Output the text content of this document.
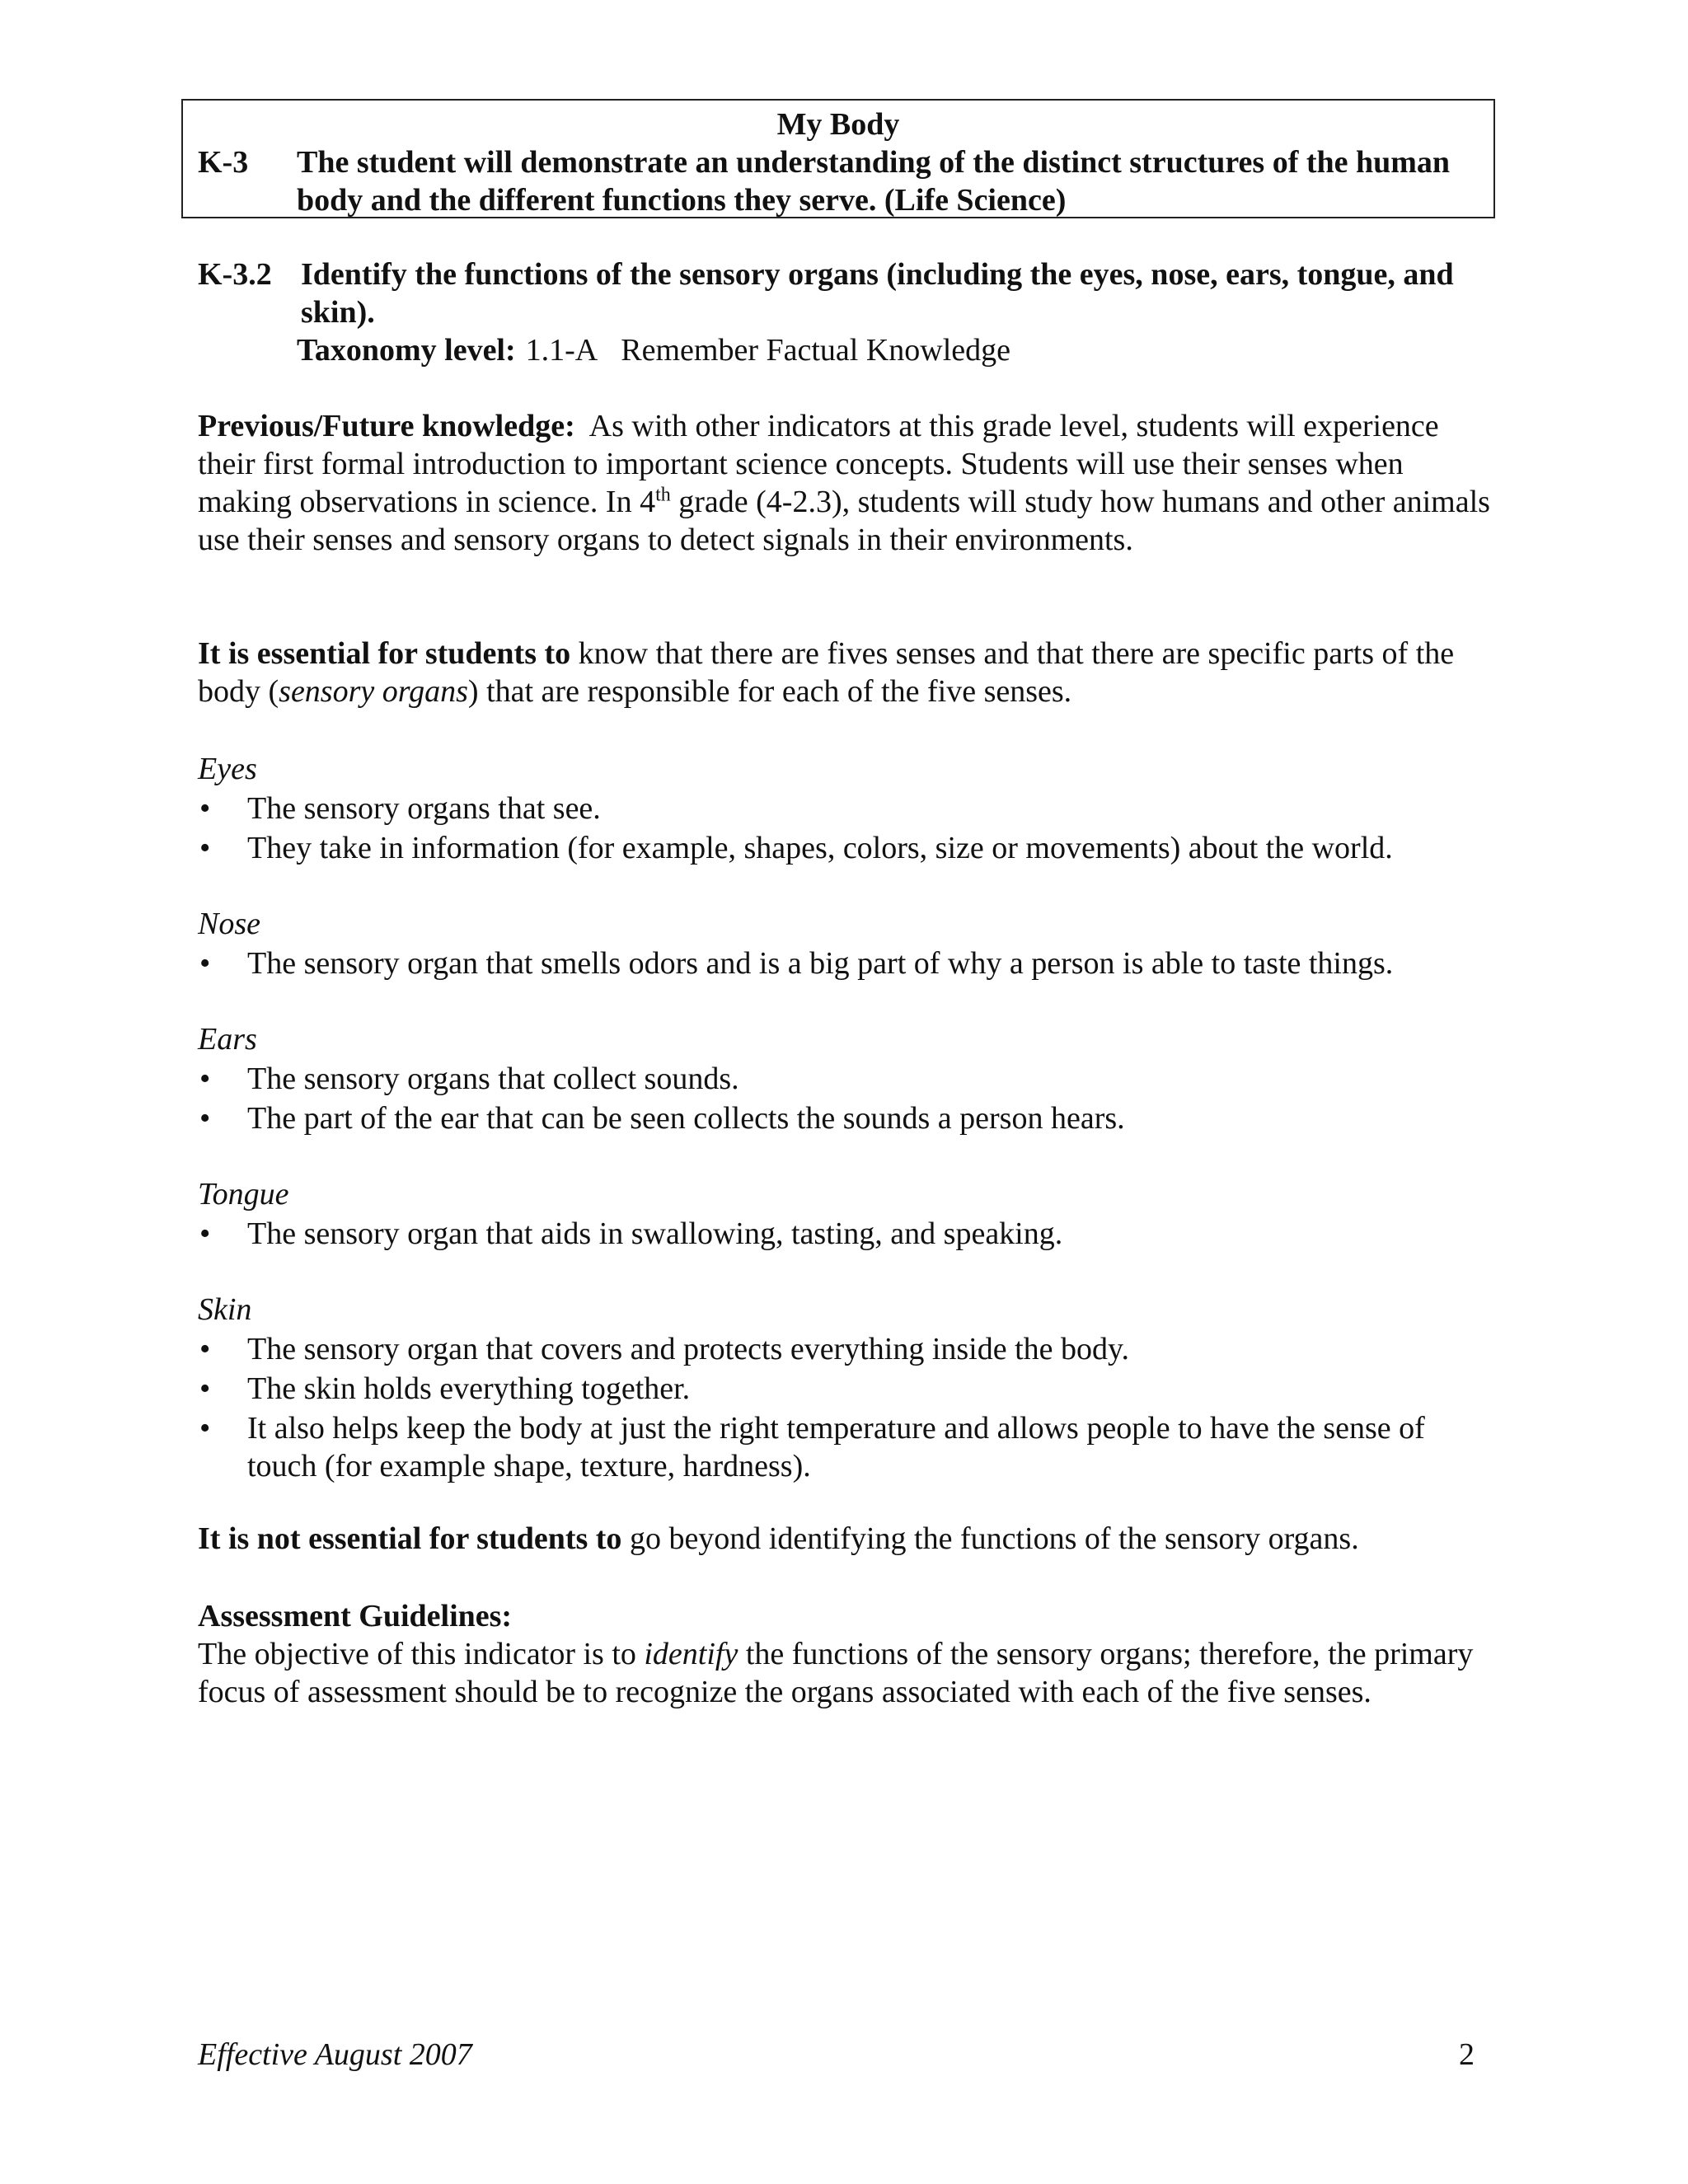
My Body
K-3 The student will demonstrate an understanding of the distinct structures of the human body and the different functions they serve. (Life Science)
K-3.2 Identify the functions of the sensory organs (including the eyes, nose, ears, tongue, and skin).
Taxonomy level: 1.1-A Remember Factual Knowledge
Previous/Future knowledge: As with other indicators at this grade level, students will experience their first formal introduction to important science concepts. Students will use their senses when making observations in science. In 4th grade (4-2.3), students will study how humans and other animals use their senses and sensory organs to detect signals in their environments.
It is essential for students to know that there are fives senses and that there are specific parts of the body (sensory organs) that are responsible for each of the five senses.
Eyes
• The sensory organs that see.
• They take in information (for example, shapes, colors, size or movements) about the world.
Nose
• The sensory organ that smells odors and is a big part of why a person is able to taste things.
Ears
• The sensory organs that collect sounds.
• The part of the ear that can be seen collects the sounds a person hears.
Tongue
• The sensory organ that aids in swallowing, tasting, and speaking.
Skin
• The sensory organ that covers and protects everything inside the body.
• The skin holds everything together.
• It also helps keep the body at just the right temperature and allows people to have the sense of touch (for example shape, texture, hardness).
It is not essential for students to go beyond identifying the functions of the sensory organs.
Assessment Guidelines:
The objective of this indicator is to identify the functions of the sensory organs; therefore, the primary focus of assessment should be to recognize the organs associated with each of the five senses.
Effective August 2007	2
